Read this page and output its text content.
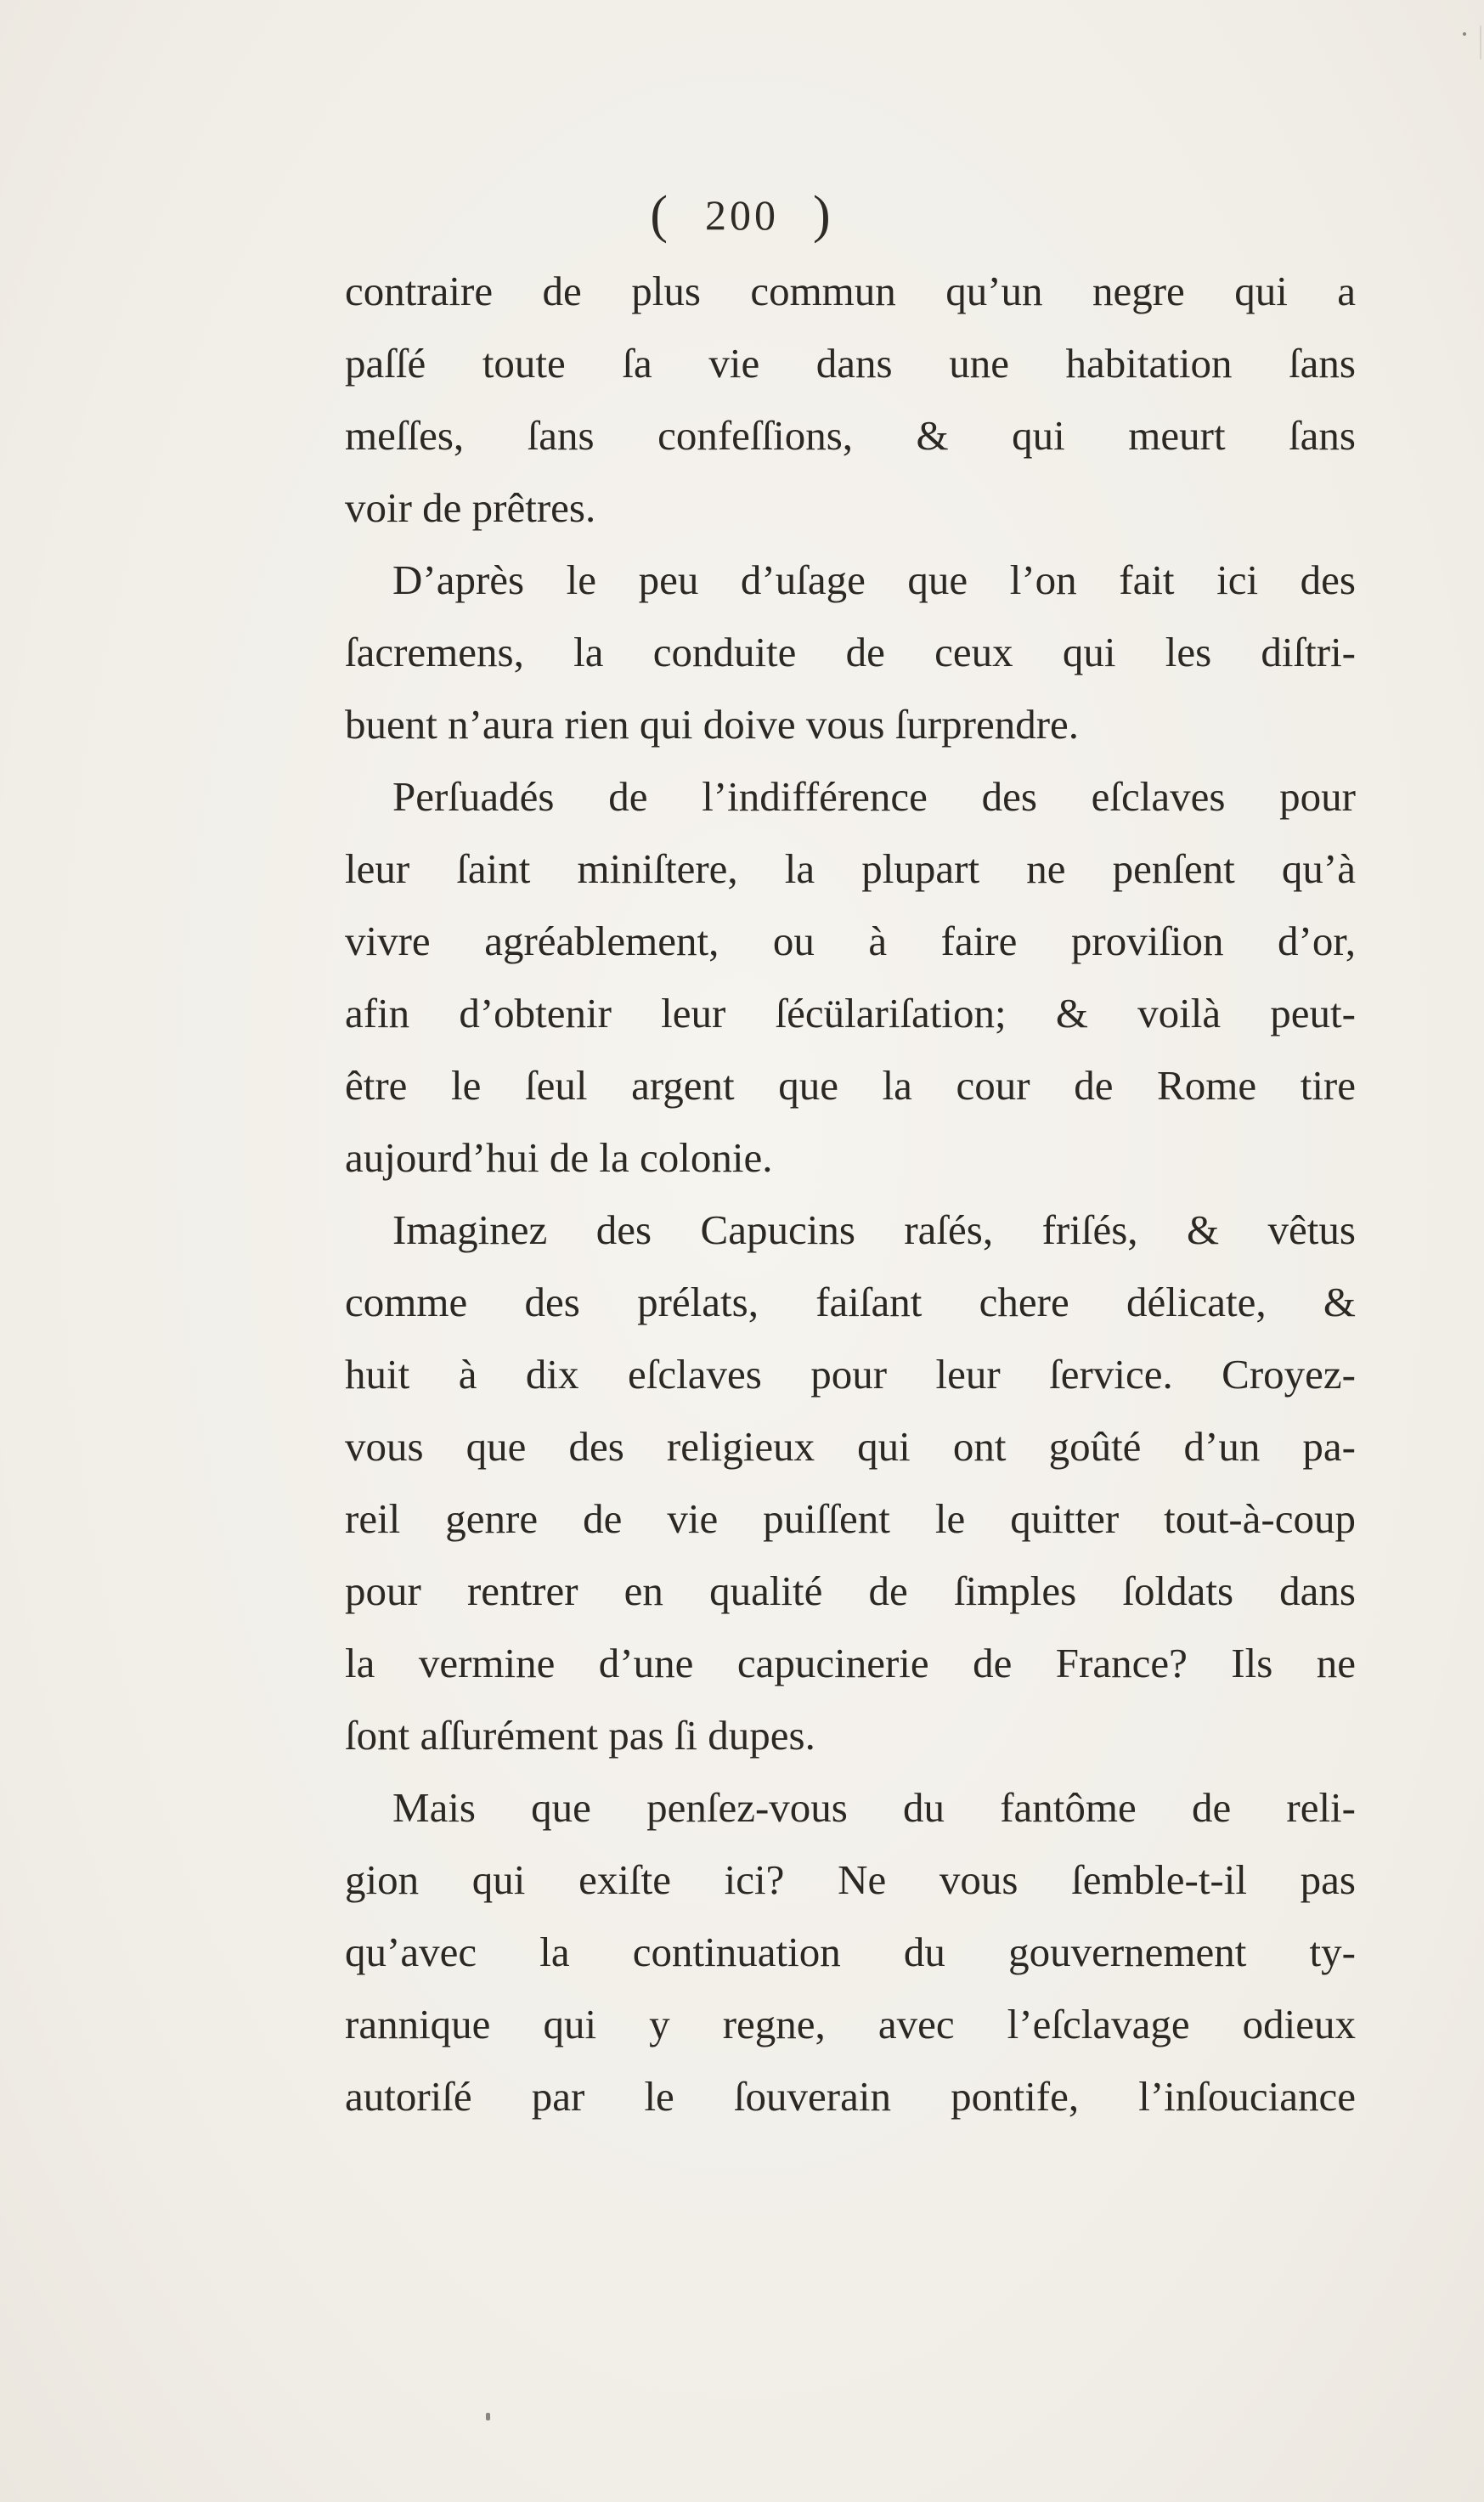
( 200 )
contraire de plus commun qu’un negre qui a
paſſé toute ſa vie dans une habitation ſans
meſſes, ſans confeſſions, & qui meurt ſans
voir de prêtres.
D’après le peu d’uſage que l’on fait ici des
ſacremens, la conduite de ceux qui les diſtri-
buent n’aura rien qui doive vous ſurprendre.
Perſuadés de l’indifférence des eſclaves pour
leur ſaint miniſtere, la plupart ne penſent qu’à
vivre agréablement, ou à faire proviſion d’or,
afin d’obtenir leur ſécülariſation; & voilà peut-
être le ſeul argent que la cour de Rome tire
aujourd’hui de la colonie.
Imaginez des Capucins raſés, friſés, & vêtus
comme des prélats, faiſant chere délicate, &
huit à dix eſclaves pour leur ſervice. Croyez-
vous que des religieux qui ont goûté d’un pa-
reil genre de vie puiſſent le quitter tout-à-coup
pour rentrer en qualité de ſimples ſoldats dans
la vermine d’une capucinerie de France? Ils ne
ſont aſſurément pas ſi dupes.
Mais que penſez-vous du fantôme de reli-
gion qui exiſte ici? Ne vous ſemble-t-il pas
qu’avec la continuation du gouvernement ty-
rannique qui y regne, avec l’eſclavage odieux
autoriſé par le ſouverain pontife, l’inſouciance
